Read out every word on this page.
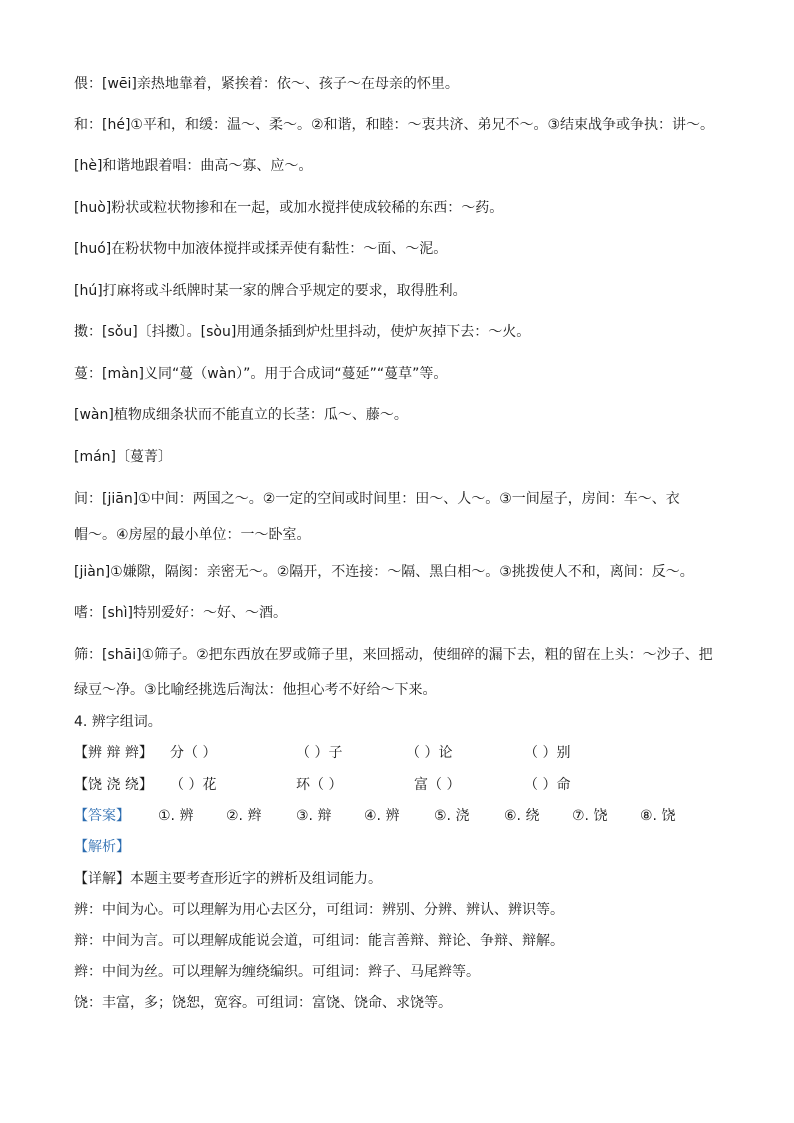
偎：[wēi]亲热地靠着，紧挨着：依～、孩子～在母亲的怀里。
和：[hé]①平和，和缓：温～、柔～。②和谐，和睦：～衷共济、弟兄不～。③结束战争或争执：讲～。
[hè]和谐地跟着唱：曲高～寡、应～。
[huò]粉状或粒状物掺和在一起，或加水搅拌使成较稀的东西：～药。
[huó]在粉状物中加液体搅拌或揉弄使有黏性：～面、～泥。
[hú]打麻将或斗纸牌时某一家的牌合乎规定的要求，取得胜利。
擞：[sǒu]〔抖擞〕。[sòu]用通条插到炉灶里抖动，使炉灰掉下去：～火。
蔓：[màn]义同“蔓（wàn）”。用于合成词“蔓延”“蔓草”等。
[wàn]植物成细条状而不能直立的长茎：瓜～、藤～。
[mán]〔蔓菁〕
间：[jiān]①中间：两国之～。②一定的空间或时间里：田～、人～。③一间屋子，房间：车～、衣
帽～。④房屋的最小单位：一～卧室。
[jiàn]①嫌隙，隔阂：亲密无～。②隔开，不连接：～隔、黑白相～。③挑拨使人不和，离间：反～。
嗜：[shì]特别爱好：～好、～酒。
筛：[shāi]①筛子。②把东西放在罗或筛子里，来回摇动，使细碎的漏下去，粗的留在上头：～沙子、把
绿豆～净。③比喻经挑选后淘汰：他担心考不好给～下来。
4. 辨字组词。
【辨 辩 辫】 分（ ）	（ ）子	（ ）论	（ ）别
【饶 浇 绕】 （ ）花	环（ ）	富（ ）	（ ）命
【答案】 ①. 辨 ②. 辫 ③. 辩 ④. 辨 ⑤. 浇 ⑥. 绕 ⑦. 饶 ⑧. 饶
【解析】
【详解】本题主要考查形近字的辨析及组词能力。
辨：中间为心。可以理解为用心去区分，可组词：辨别、分辨、辨认、辨识等。
辩：中间为言。可以理解成能说会道，可组词：能言善辩、辩论、争辩、辩解。
辫：中间为丝。可以理解为缠绕编织。可组词：辫子、马尾辫等。
饶：丰富，多；饶恕，宽容。可组词：富饶、饶命、求饶等。
